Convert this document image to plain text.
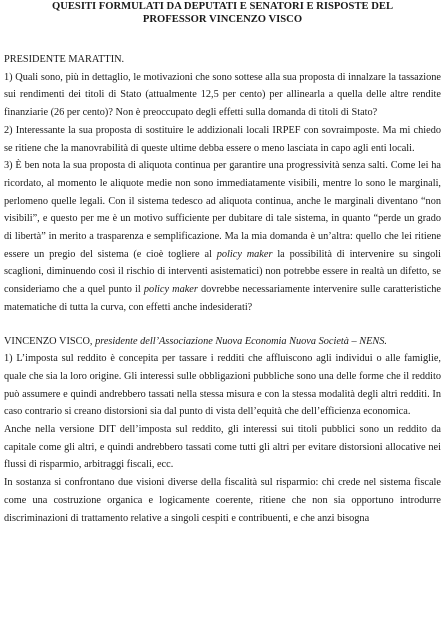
QUESITI FORMULATI DA DEPUTATI E SENATORI E RISPOSTE DEL
PROFESSOR VINCENZO VISCO
PRESIDENTE MARATTIN.

1) Quali sono, più in dettaglio, le motivazioni che sono sottese alla sua proposta di innalzare la tassazione sui rendimenti dei titoli di Stato (attualmente 12,5 per cento) per allinearla a quella delle altre rendite finanziarie (26 per cento)? Non è preoccupato degli effetti sulla domanda di titoli di Stato?

2) Interessante la sua proposta di sostituire le addizionali locali IRPEF con sovraimposte. Ma mi chiedo se ritiene che la manovrabilità di queste ultime debba essere o meno lasciata in capo agli enti locali.

3) È ben nota la sua proposta di aliquota continua per garantire una progressività senza salti. Come lei ha ricordato, al momento le aliquote medie non sono immediatamente visibili, mentre lo sono le marginali, perlomeno quelle legali. Con il sistema tedesco ad aliquota continua, anche le marginali diventano “non visibili”, e questo per me è un motivo sufficiente per dubitare di tale sistema, in quanto “perde un grado di libertà” in merito a trasparenza e semplificazione. Ma la mia domanda è un’altra: quello che lei ritiene essere un pregio del sistema (e cioè togliere al policy maker la possibilità di intervenire su singoli scaglioni, diminuendo così il rischio di interventi asistematici) non potrebbe essere in realtà un difetto, se consideriamo che a quel punto il policy maker dovrebbe necessariamente intervenire sulle caratteristiche matematiche di tutta la curva, con effetti anche indesiderati?

VINCENZO VISCO, presidente dell’Associazione Nuova Economia Nuova Società – NENS.

1) L’imposta sul reddito è concepita per tassare i redditi che affluiscono agli individui o alle famiglie, quale che sia la loro origine. Gli interessi sulle obbligazioni pubbliche sono una delle forme che il reddito può assumere e quindi andrebbero tassati nella stessa misura e con la stessa modalità degli altri redditi. In caso contrario si creano distorsioni sia dal punto di vista dell’equità che dell’efficienza economica.

Anche nella versione DIT dell’imposta sul reddito, gli interessi sui titoli pubblici sono un reddito da capitale come gli altri, e quindi andrebbero tassati come tutti gli altri per evitare distorsioni allocative nei flussi di risparmio, arbitraggi fiscali, ecc.

In sostanza si confrontano due visioni diverse della fiscalità sul risparmio: chi crede nel sistema fiscale come una costruzione organica e logicamente coerente, ritiene che non sia opportuno introdurre discriminazioni di trattamento relative a singoli cespiti e contribuenti, e che anzi bisogna
